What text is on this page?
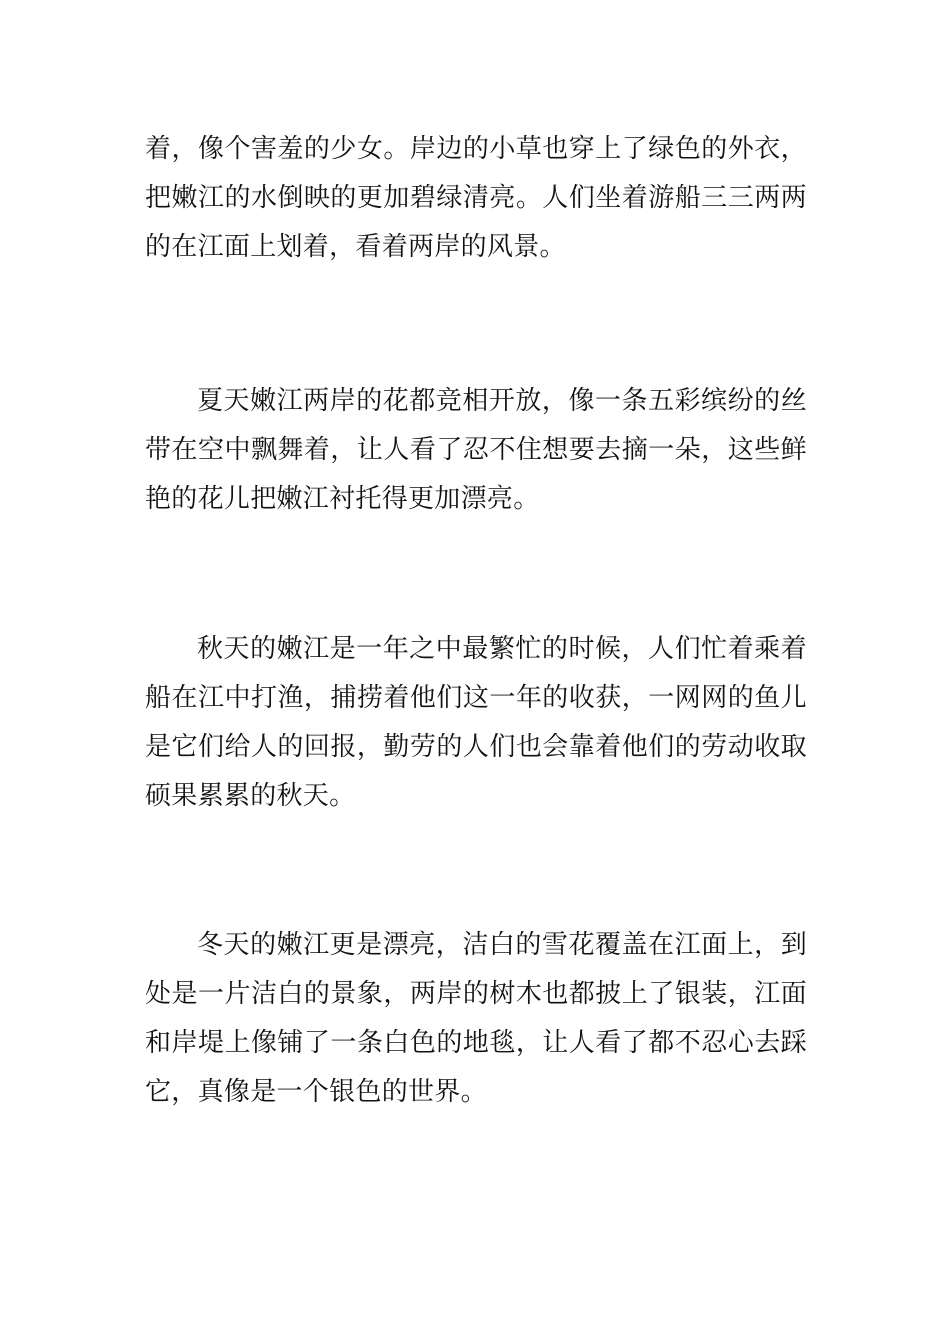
着，像个害羞的少女。岸边的小草也穿上了绿色的外衣，把嫩江的水倒映的更加碧绿清亮。人们坐着游船三三两两的在江面上划着，看着两岸的风景。

夏天嫩江两岸的花都竞相开放，像一条五彩缤纷的丝带在空中飘舞着，让人看了忍不住想要去摘一朵，这些鲜艳的花儿把嫩江衬托得更加漂亮。

秋天的嫩江是一年之中最繁忙的时候，人们忙着乘着船在江中打渔，捕捞着他们这一年的收获，一网网的鱼儿是它们给人的回报，勤劳的人们也会靠着他们的劳动收取硕果累累的秋天。

冬天的嫩江更是漂亮，洁白的雪花覆盖在江面上，到处是一片洁白的景象，两岸的树木也都披上了银装，江面和岸堤上像铺了一条白色的地毯，让人看了都不忍心去踩它，真像是一个银色的世界。
